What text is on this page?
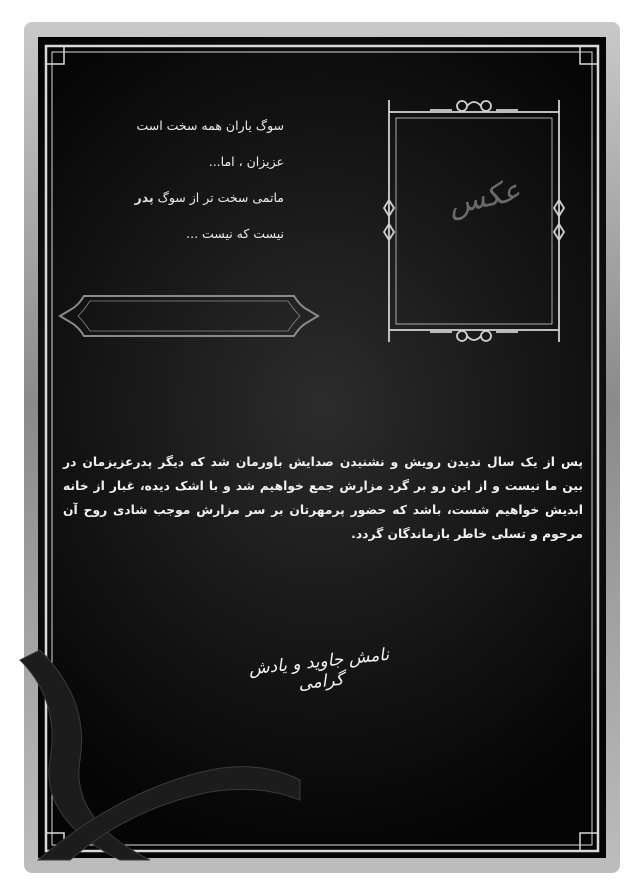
سوگ یاران همه سخت است
عزیزان ، اما...
ماتمی سخت تر از سوگ پدر
نیست که نیست ...
عکس
پس از یک سال ندیدن رویش و نشنیدن صدایش باورمان شد که دیگر پدرعزیزمان در بین ما نیست و از این رو بر گرد مزارش جمع خواهیم شد و با اشک دیده، غبار از خانه ابدیش خواهیم شست، باشد که حضور پرمهرتان بر سر مزارش موجب شادی روح آن مرحوم و تسلی خاطر بازماندگان گردد.
نامش جاوید و یادش گرامی
